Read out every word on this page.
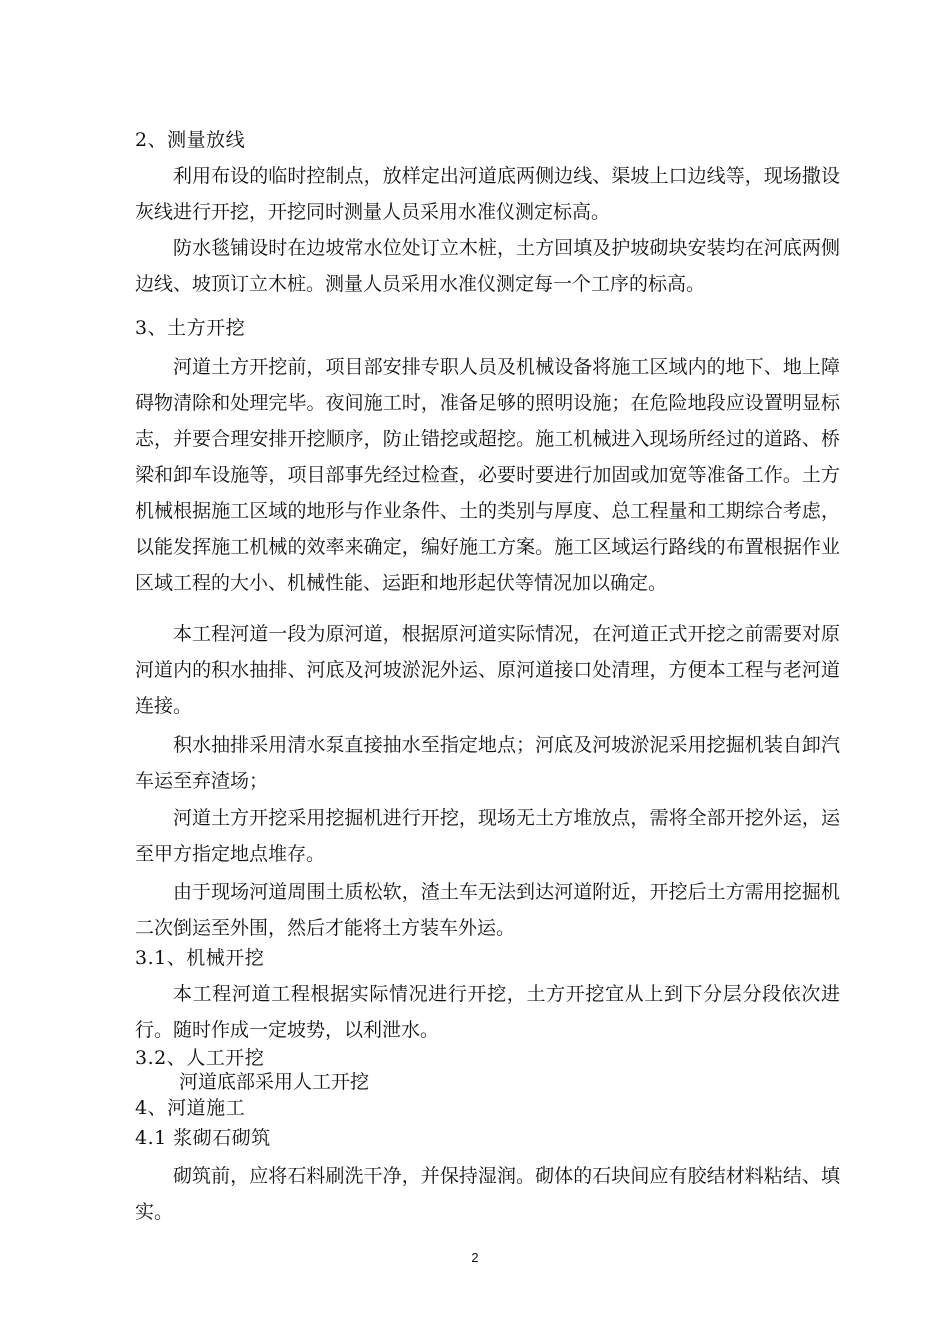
2、测量放线
利用布设的临时控制点，放样定出河道底两侧边线、渠坡上口边线等，现场撒设灰线进行开挖，开挖同时测量人员采用水准仪测定标高。
防水毯铺设时在边坡常水位处订立木桩，土方回填及护坡砌块安装均在河底两侧边线、坡顶订立木桩。测量人员采用水准仪测定每一个工序的标高。
3、土方开挖
河道土方开挖前，项目部安排专职人员及机械设备将施工区域内的地下、地上障碍物清除和处理完毕。夜间施工时，准备足够的照明设施；在危险地段应设置明显标志，并要合理安排开挖顺序，防止错挖或超挖。施工机械进入现场所经过的道路、桥梁和卸车设施等，项目部事先经过检查，必要时要进行加固或加宽等准备工作。土方机械根据施工区域的地形与作业条件、土的类别与厚度、总工程量和工期综合考虑，以能发挥施工机械的效率来确定，编好施工方案。施工区域运行路线的布置根据作业区域工程的大小、机械性能、运距和地形起伏等情况加以确定。
本工程河道一段为原河道，根据原河道实际情况，在河道正式开挖之前需要对原河道内的积水抽排、河底及河坡淤泥外运、原河道接口处清理，方便本工程与老河道连接。
积水抽排采用清水泵直接抽水至指定地点；河底及河坡淤泥采用挖掘机装自卸汽车运至弃渣场；
河道土方开挖采用挖掘机进行开挖，现场无土方堆放点，需将全部开挖外运，运至甲方指定地点堆存。
由于现场河道周围土质松软，渣土车无法到达河道附近，开挖后土方需用挖掘机二次倒运至外围，然后才能将土方装车外运。
3.1、机械开挖
本工程河道工程根据实际情况进行开挖，土方开挖宜从上到下分层分段依次进行。随时作成一定坡势，以利泄水。
3.2、人工开挖
河道底部采用人工开挖
4、河道施工
4.1 浆砌石砌筑
砌筑前，应将石料刷洗干净，并保持湿润。砌体的石块间应有胶结材料粘结、填实。
2
